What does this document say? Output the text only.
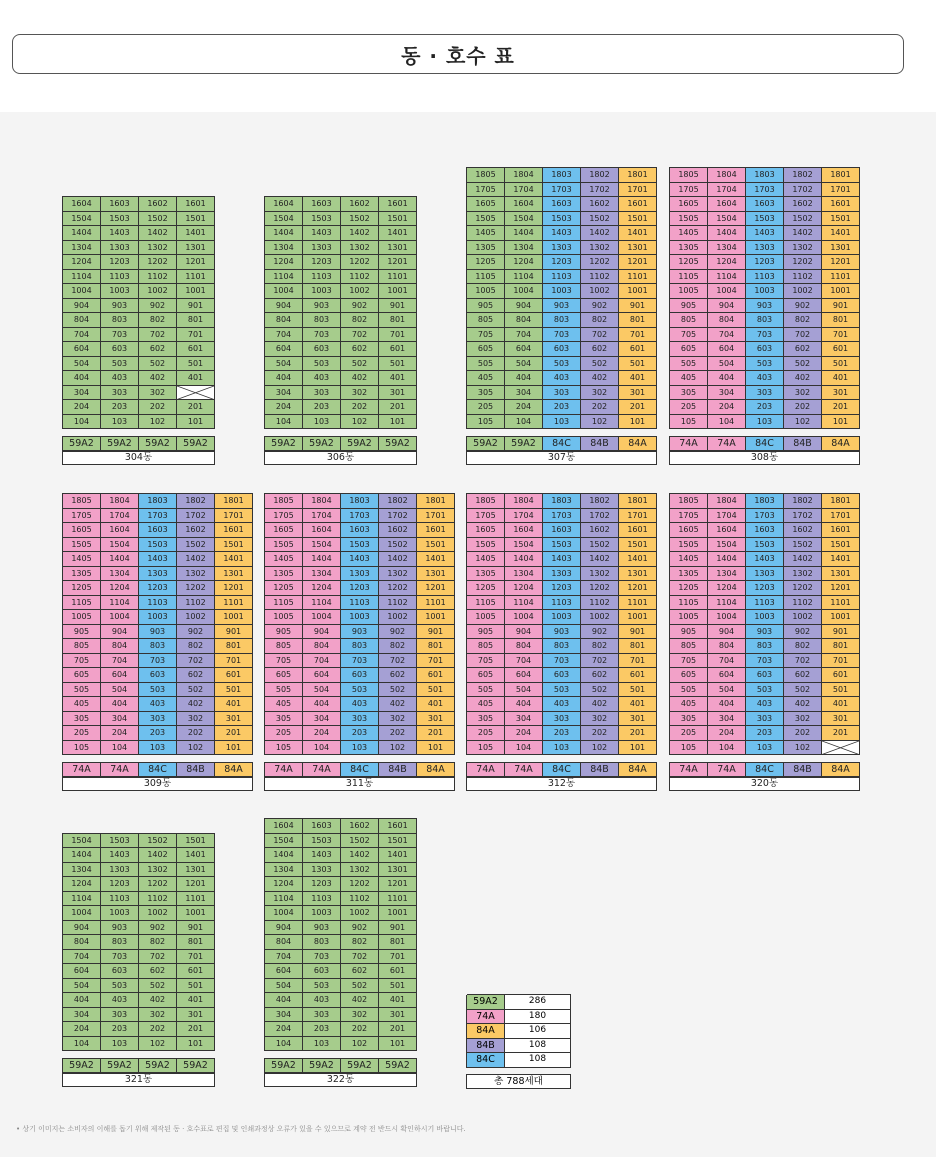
동 · 호수 표
1604	1603	1602	1601
1504	1503	1502	1501
1404	1403	1402	1401
1304	1303	1302	1301
1204	1203	1202	1201
1104	1103	1102	1101
1004	1003	1002	1001
904	903	902	901
804	803	802	801
704	703	702	701
604	603	602	601
504	503	502	501
404	403	402	401
304	303	302
204	203	202	201
104	103	102	101
59A2	59A2	59A2	59A2
304동
1604	1603	1602	1601
1504	1503	1502	1501
1404	1403	1402	1401
1304	1303	1302	1301
1204	1203	1202	1201
1104	1103	1102	1101
1004	1003	1002	1001
904	903	902	901
804	803	802	801
704	703	702	701
604	603	602	601
504	503	502	501
404	403	402	401
304	303	302	301
204	203	202	201
104	103	102	101
59A2	59A2	59A2	59A2
306동
1805	1804	1803	1802	1801
1705	1704	1703	1702	1701
1605	1604	1603	1602	1601
1505	1504	1503	1502	1501
1405	1404	1403	1402	1401
1305	1304	1303	1302	1301
1205	1204	1203	1202	1201
1105	1104	1103	1102	1101
1005	1004	1003	1002	1001
905	904	903	902	901
805	804	803	802	801
705	704	703	702	701
605	604	603	602	601
505	504	503	502	501
405	404	403	402	401
305	304	303	302	301
205	204	203	202	201
105	104	103	102	101
59A2	59A2	84C	84B	84A
307동
1805	1804	1803	1802	1801
1705	1704	1703	1702	1701
1605	1604	1603	1602	1601
1505	1504	1503	1502	1501
1405	1404	1403	1402	1401
1305	1304	1303	1302	1301
1205	1204	1203	1202	1201
1105	1104	1103	1102	1101
1005	1004	1003	1002	1001
905	904	903	902	901
805	804	803	802	801
705	704	703	702	701
605	604	603	602	601
505	504	503	502	501
405	404	403	402	401
305	304	303	302	301
205	204	203	202	201
105	104	103	102	101
74A	74A	84C	84B	84A
308동
1805	1804	1803	1802	1801
1705	1704	1703	1702	1701
1605	1604	1603	1602	1601
1505	1504	1503	1502	1501
1405	1404	1403	1402	1401
1305	1304	1303	1302	1301
1205	1204	1203	1202	1201
1105	1104	1103	1102	1101
1005	1004	1003	1002	1001
905	904	903	902	901
805	804	803	802	801
705	704	703	702	701
605	604	603	602	601
505	504	503	502	501
405	404	403	402	401
305	304	303	302	301
205	204	203	202	201
105	104	103	102	101
74A	74A	84C	84B	84A
309동
1805	1804	1803	1802	1801
1705	1704	1703	1702	1701
1605	1604	1603	1602	1601
1505	1504	1503	1502	1501
1405	1404	1403	1402	1401
1305	1304	1303	1302	1301
1205	1204	1203	1202	1201
1105	1104	1103	1102	1101
1005	1004	1003	1002	1001
905	904	903	902	901
805	804	803	802	801
705	704	703	702	701
605	604	603	602	601
505	504	503	502	501
405	404	403	402	401
305	304	303	302	301
205	204	203	202	201
105	104	103	102	101
74A	74A	84C	84B	84A
311동
1805	1804	1803	1802	1801
1705	1704	1703	1702	1701
1605	1604	1603	1602	1601
1505	1504	1503	1502	1501
1405	1404	1403	1402	1401
1305	1304	1303	1302	1301
1205	1204	1203	1202	1201
1105	1104	1103	1102	1101
1005	1004	1003	1002	1001
905	904	903	902	901
805	804	803	802	801
705	704	703	702	701
605	604	603	602	601
505	504	503	502	501
405	404	403	402	401
305	304	303	302	301
205	204	203	202	201
105	104	103	102	101
74A	74A	84C	84B	84A
312동
1805	1804	1803	1802	1801
1705	1704	1703	1702	1701
1605	1604	1603	1602	1601
1505	1504	1503	1502	1501
1405	1404	1403	1402	1401
1305	1304	1303	1302	1301
1205	1204	1203	1202	1201
1105	1104	1103	1102	1101
1005	1004	1003	1002	1001
905	904	903	902	901
805	804	803	802	801
705	704	703	702	701
605	604	603	602	601
505	504	503	502	501
405	404	403	402	401
305	304	303	302	301
205	204	203	202	201
105	104	103	102
74A	74A	84C	84B	84A
320동
1504	1503	1502	1501
1404	1403	1402	1401
1304	1303	1302	1301
1204	1203	1202	1201
1104	1103	1102	1101
1004	1003	1002	1001
904	903	902	901
804	803	802	801
704	703	702	701
604	603	602	601
504	503	502	501
404	403	402	401
304	303	302	301
204	203	202	201
104	103	102	101
59A2	59A2	59A2	59A2
321동
1604	1603	1602	1601
1504	1503	1502	1501
1404	1403	1402	1401
1304	1303	1302	1301
1204	1203	1202	1201
1104	1103	1102	1101
1004	1003	1002	1001
904	903	902	901
804	803	802	801
704	703	702	701
604	603	602	601
504	503	502	501
404	403	402	401
304	303	302	301
204	203	202	201
104	103	102	101
59A2	59A2	59A2	59A2
322동
59A2	286
74A	180
84A	106
84B	108
84C	108
총 788세대
• 상기 이미지는 소비자의 이해를 돕기 위해 제작된 동 · 호수표로 편집 및 인쇄과정상 오류가 있을 수 있으므로 계약 전 반드시 확인하시기 바랍니다.
